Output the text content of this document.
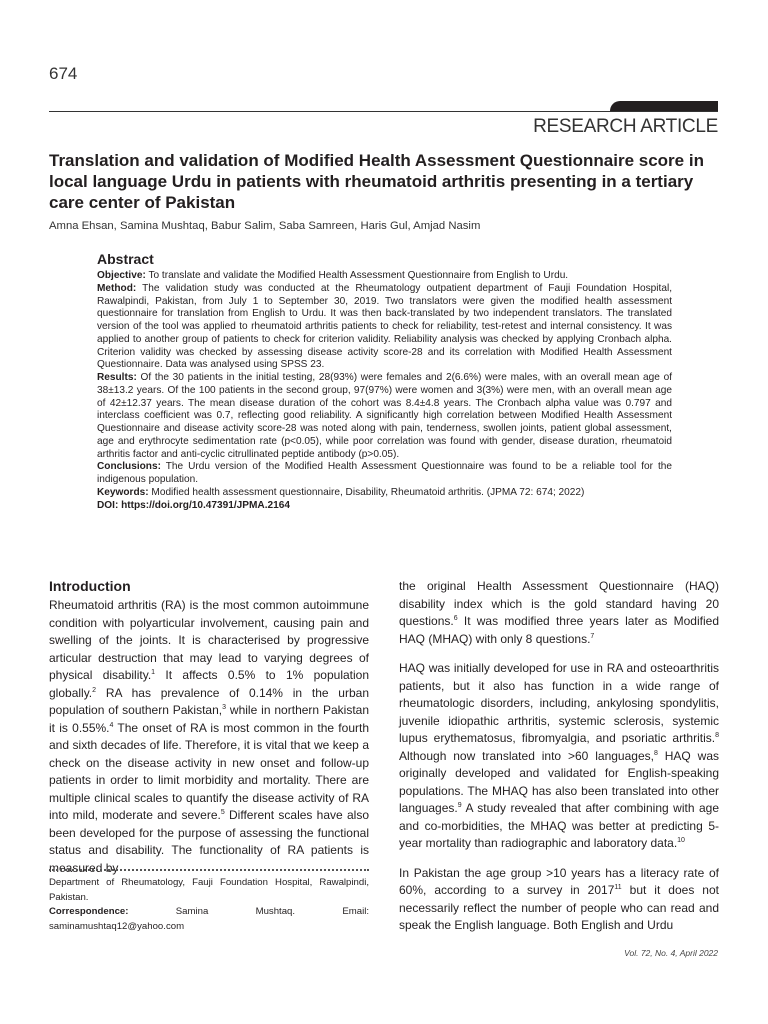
674
RESEARCH ARTICLE
Translation and validation of Modified Health Assessment Questionnaire score in local language Urdu in patients with rheumatoid arthritis presenting in a tertiary care center of Pakistan
Amna Ehsan, Samina Mushtaq, Babur Salim, Saba Samreen, Haris Gul, Amjad Nasim
Abstract

Objective: To translate and validate the Modified Health Assessment Questionnaire from English to Urdu.

Method: The validation study was conducted at the Rheumatology outpatient department of Fauji Foundation Hospital, Rawalpindi, Pakistan, from July 1 to September 30, 2019. Two translators were given the modified health assessment questionnaire for translation from English to Urdu. It was then back-translated by two independent translators. The translated version of the tool was applied to rheumatoid arthritis patients to check for reliability, test-retest and internal consistency. It was applied to another group of patients to check for criterion validity. Reliability analysis was checked by applying Cronbach alpha. Criterion validity was checked by assessing disease activity score-28 and its correlation with Modified Health Assessment Questionnaire. Data was analysed using SPSS 23.

Results: Of the 30 patients in the initial testing, 28(93%) were females and 2(6.6%) were males, with an overall mean age of 38±13.2 years. Of the 100 patients in the second group, 97(97%) were women and 3(3%) were men, with an overall mean age of 42±12.37 years. The mean disease duration of the cohort was 8.4±4.8 years. The Cronbach alpha value was 0.797 and interclass coefficient was 0.7, reflecting good reliability. A significantly high correlation between Modified Health Assessment Questionnaire and disease activity score-28 was noted along with pain, tenderness, swollen joints, patient global assessment, age and erythrocyte sedimentation rate (p<0.05), while poor correlation was found with gender, disease duration, rheumatoid arthritis factor and anti-cyclic citrullinated peptide antibody (p>0.05).

Conclusions: The Urdu version of the Modified Health Assessment Questionnaire was found to be a reliable tool for the indigenous population.

Keywords: Modified health assessment questionnaire, Disability, Rheumatoid arthritis. (JPMA 72: 674; 2022)

DOI: https://doi.org/10.47391/JPMA.2164

Introduction

Rheumatoid arthritis (RA) is the most common autoimmune condition with polyarticular involvement, causing pain and swelling of the joints. It is characterised by progressive articular destruction that may lead to varying degrees of physical disability.$^1$ It affects 0.5% to 1% population globally.$^2$ RA has prevalence of 0.14% in the urban population of southern Pakistan,$^3$ while in northern Pakistan it is 0.55%.$^4$ The onset of RA is most common in the fourth and sixth decades of life. Therefore, it is vital that we keep a check on the disease activity in new onset and follow-up patients in order to limit morbidity and mortality. There are multiple clinical scales to quantify the disease activity of RA into mild, moderate and severe.$^5$ Different scales have also been developed for the purpose of assessing the functional status and disability. The functionality of RA patients is measured by

Department of Rheumatology, Fauji Foundation Hospital, Rawalpindi, Pakistan.
Correspondence:	Samina Mushtaq. Email: saminamushtaq12@yahoo.com

the original Health Assessment Questionnaire (HAQ) disability index which is the gold standard having 20 questions.$^6$ It was modified three years later as Modified HAQ (MHAQ) with only 8 questions.$^7$

HAQ was initially developed for use in RA and osteoarthritis patients, but it also has function in a wide range of rheumatologic disorders, including, ankylosing spondylitis, juvenile idiopathic arthritis, systemic sclerosis, systemic lupus erythematosus, fibromyalgia, and psoriatic arthritis.$^8$ Although now translated into >60 languages,$^8$ HAQ was originally developed and validated for English-speaking populations. The MHAQ has also been translated into other languages.$^9$ A study revealed that after combining with age and co-morbidities, the MHAQ was better at predicting 5-year mortality than radiographic and laboratory data.$^{10}$

In Pakistan the age group >10 years has a literacy rate of 60%, according to a survey in 2017$^{11}$ but it does not necessarily reflect the number of people who can read and speak the English language. Both English and Urdu

Vol. 72, No. 4, April 2022
